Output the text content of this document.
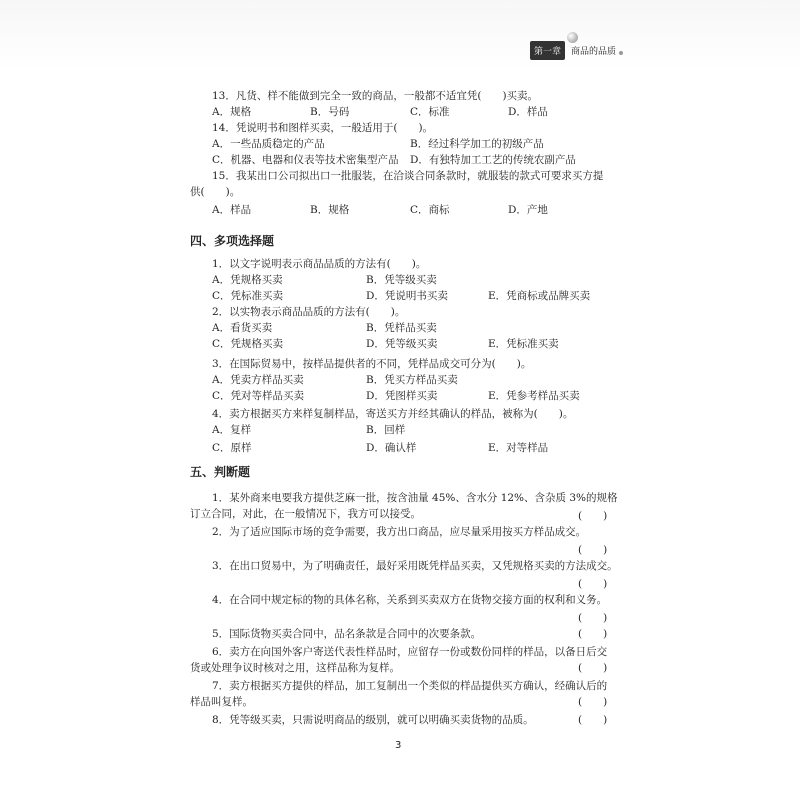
第一章	商品的品质
13．凡货、样不能做到完全一致的商品，一般都不适宜凭(　　)买卖。
A．规格	B．号码	C．标准	D．样品
14．凭说明书和图样买卖，一般适用于(　　)。
A．一些品质稳定的产品	B．经过科学加工的初级产品
C．机器、电器和仪表等技术密集型产品 D．有独特加工工艺的传统农副产品
15．我某出口公司拟出口一批服装，在洽谈合同条款时，就服装的款式可要求买方提
供(　　)。
A．样品	B．规格	C．商标	D．产地
四、多项选择题
1．以文字说明表示商品品质的方法有(　　)。
A．凭规格买卖	B．凭等级买卖
C．凭标准买卖	D．凭说明书买卖	E．凭商标或品牌买卖
2．以实物表示商品品质的方法有(　　)。
A．看货买卖	B．凭样品买卖
C．凭规格买卖	D．凭等级买卖	E．凭标准买卖
3．在国际贸易中，按样品提供者的不同，凭样品成交可分为(　　)。
A．凭卖方样品买卖	B．凭买方样品买卖
C．凭对等样品买卖	D．凭图样买卖	E．凭参考样品买卖
4．卖方根据买方来样复制样品，寄送买方并经其确认的样品，被称为(　　)。
A．复样	B．回样
C．原样	D．确认样	E．对等样品
五、判断题
1．某外商来电要我方提供芝麻一批，按含油量 45%、含水分 12%、含杂质 3%的规格
订立合同，对此，在一般情况下，我方可以接受。	(　　)
2．为了适应国际市场的竞争需要，我方出口商品，应尽量采用按买方样品成交。
(　　)
3．在出口贸易中，为了明确责任，最好采用既凭样品买卖，又凭规格买卖的方法成交。
(　　)
4．在合同中规定标的物的具体名称，关系到买卖双方在货物交接方面的权利和义务。
(　　)
5．国际货物买卖合同中，品名条款是合同中的次要条款。	(　　)
6．卖方在向国外客户寄送代表性样品时，应留存一份或数份同样的样品，以备日后交
货或处理争议时核对之用，这样品称为复样。	(　　)
7．卖方根据买方提供的样品，加工复制出一个类似的样品提供买方确认，经确认后的
样品叫复样。	(　　)
8．凭等级买卖，只需说明商品的级别，就可以明确买卖货物的品质。	(　　)
3
